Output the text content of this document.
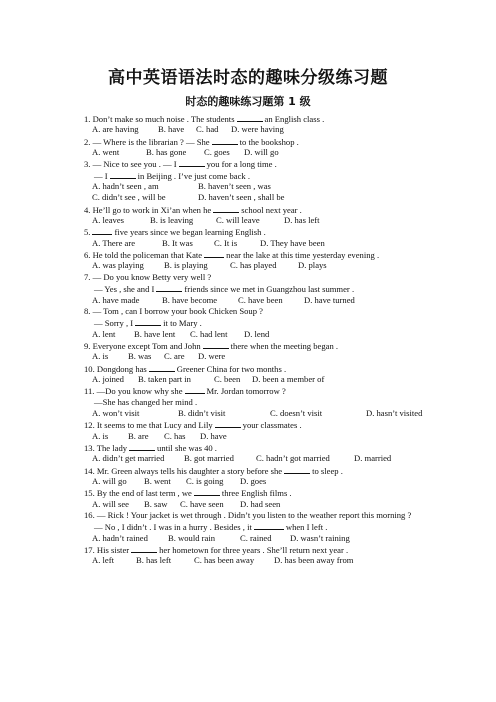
高中英语语法时态的趣味分级练习题
时态的趣味练习题第 1 级
1. Don’t make so much noise . The students	an English class .
A. are having B. have C. had D. were having
2. — Where is the librarian ? — She	to the bookshop .
A. went	B. has gone C. goes D. will go
3. — Nice to see you . — I	you for a long time .
— I	in Beijing . I’ve just come back .
A. hadn’t seen , am	B. haven’t seen , was
C. didn’t see , will be	D. haven’t seen , shall be
4. He’ll go to work in Xi’an when he	school next year .
A. leaves	B. is leaving	C. will leave	D. has left
5.	five years since we began learning English .
A. There are	B. It was C. It is	D. They have been
6. He told the policeman that Kate	near the lake at this time yesterday evening .
A. was playing B. is playing	C. has played D. plays
7. — Do you know Betty very well ?
— Yes , she and I	friends since we met in Guangzhou last summer .
A. have made	B. have become C. have been D. have turned
8. — Tom , can I borrow your book Chicken Soup ?
— Sorry , I	it to Mary .
A. lent B. have lent C. had lent D. lend
9. Everyone except Tom and John	there when the meeting began .
A. is B. was C. are D. were
10. Dongdong has	Greener China for two months .
A. joined B. taken part in	C. been D. been a member of
11. —Do you know why she	Mr. Jordan tomorrow ?
—She has changed her mind .
A. won’t visit	B. didn’t visit	C. doesn’t visit	D. hasn’t visited
12. It seems to me that Lucy and Lily	your classmates .
A. is B. are C. has D. have
13. The lady	until she was 40 .
A. didn’t get married B. got married	C. hadn’t got married	D. married
14. Mr. Green always tells his daughter a story before she	to sleep .
A. will go B. went C. is going D. goes
15. By the end of last term , we	three English films .
A. will see B. saw C. have seen D. had seen
16. — Rick ! Your jacket is wet through . Didn’t you listen to the weather report this morning ?
— No , I didn’t . I was in a hurry . Besides , it	when I left .
A. hadn’t rained B. would rain	C. rained D. wasn’t raining
17. His sister	her hometown for three years . She’ll return next year .
A. left	B. has left	C. has been away D. has been away from
